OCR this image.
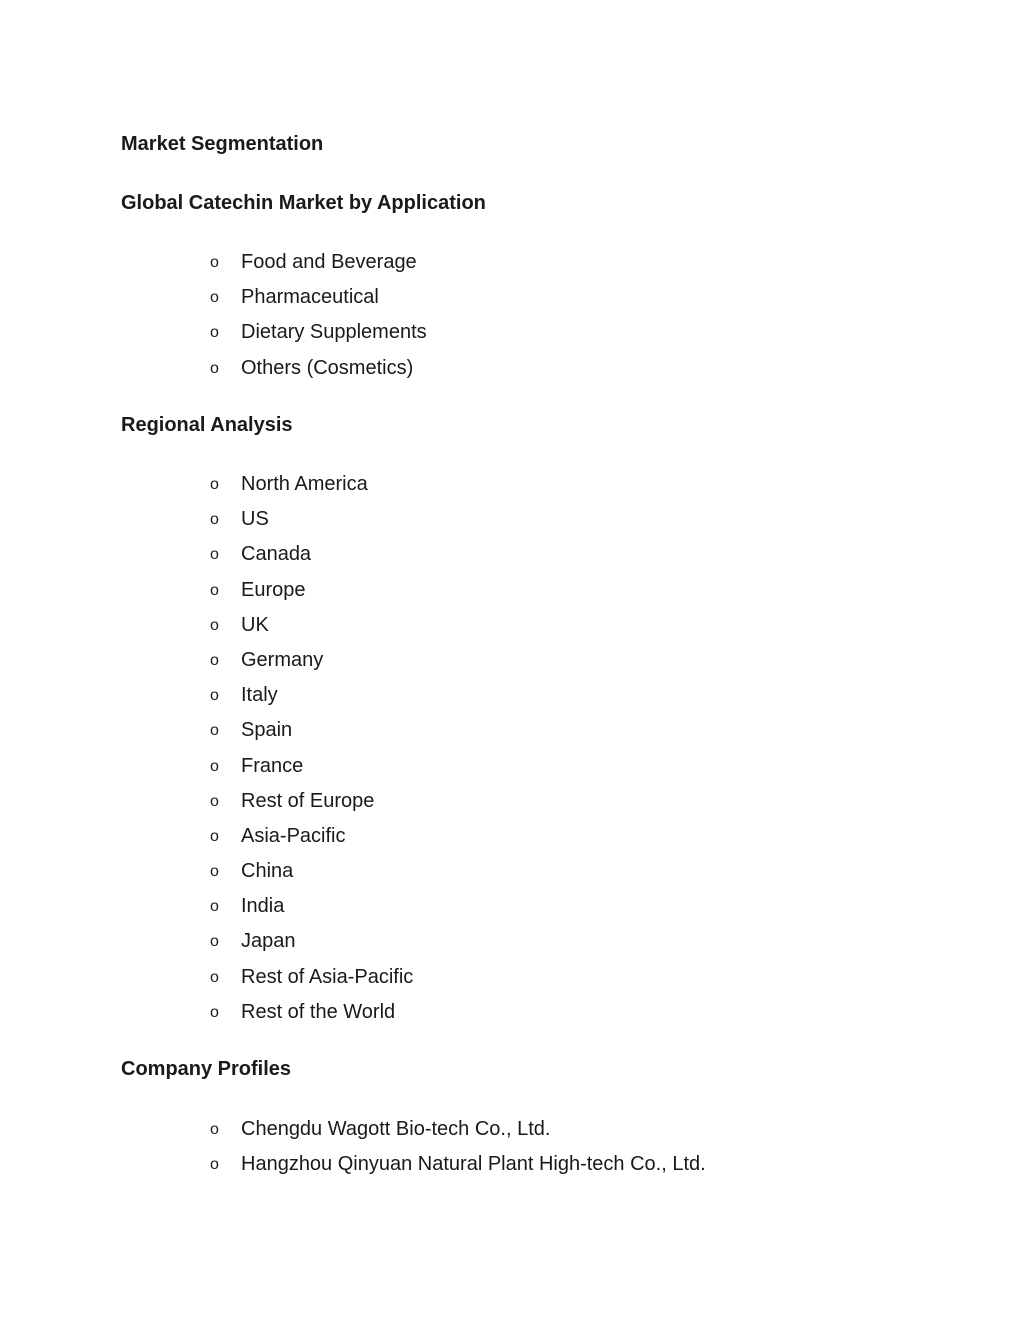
Market Segmentation
Global Catechin Market by Application
o Food and Beverage
o Pharmaceutical
o Dietary Supplements
o Others (Cosmetics)
Regional Analysis
o North America
o US
o Canada
o Europe
o UK
o Germany
o Italy
o Spain
o France
o Rest of Europe
o Asia-Pacific
o China
o India
o Japan
o Rest of Asia-Pacific
o Rest of the World
Company Profiles
o Chengdu Wagott Bio-tech Co., Ltd.
o Hangzhou Qinyuan Natural Plant High-tech Co., Ltd.
